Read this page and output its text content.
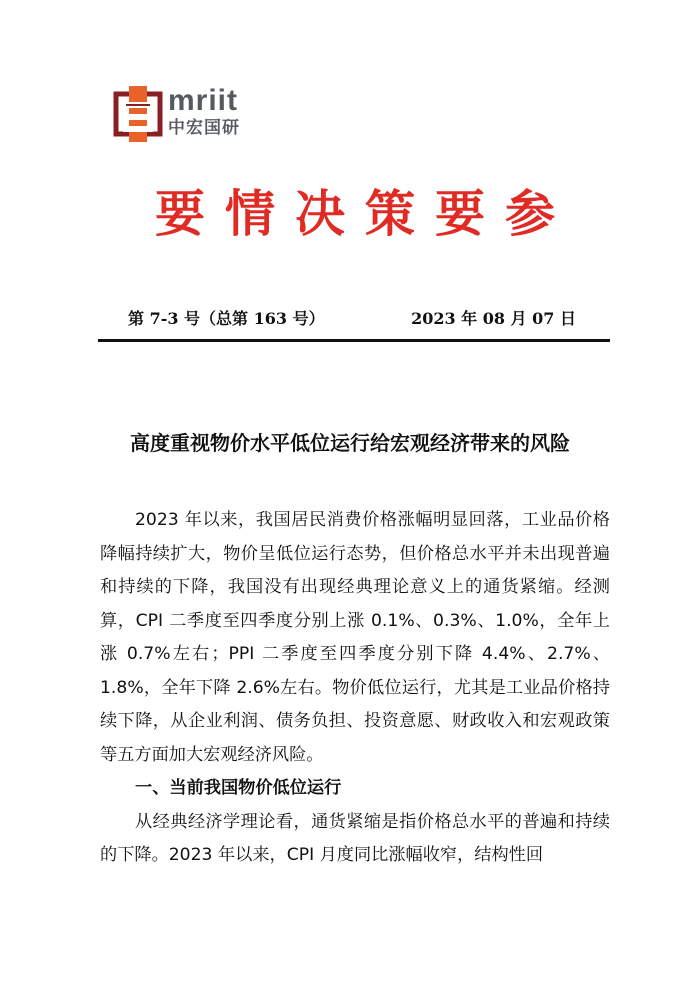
mriit
中宏国研
要情决策要参
第 7-3 号（总第 163 号）	2023 年 08 月 07 日
高度重视物价水平低位运行给宏观经济带来的风险

2023 年以来，我国居民消费价格涨幅明显回落，工业品价格降幅持续扩大，物价呈低位运行态势，但价格总水平并未出现普遍和持续的下降，我国没有出现经典理论意义上的通货紧缩。经测算，CPI 二季度至四季度分别上涨 0.1%、0.3%、1.0%，全年上涨 0.7%左右；PPI 二季度至四季度分别下降 4.4%、2.7%、1.8%，全年下降 2.6%左右。物价低位运行，尤其是工业品价格持续下降，从企业利润、债务负担、投资意愿、财政收入和宏观政策等五方面加大宏观经济风险。

一、当前我国物价低位运行

从经典经济学理论看，通货紧缩是指价格总水平的普遍和持续的下降。2023 年以来，CPI 月度同比涨幅收窄，结构性回
